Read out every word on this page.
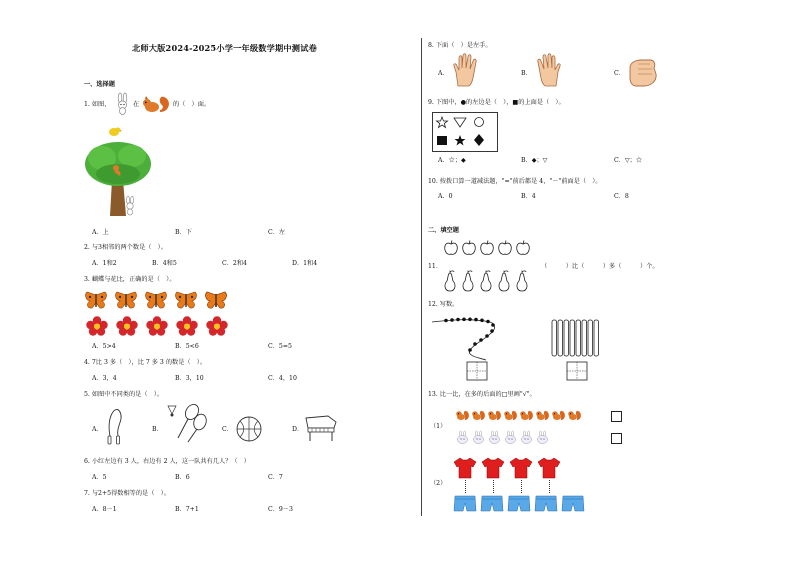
北师大版2024-2025小学一年级数学期中测试卷
一、选择题
1. 如图，	在	的（　）面。
A．上	B．下	C．左
2. 与3相邻的两个数是（　）。
A．1和2	B．4和5	C．2和4	D．1和4
3. 蝴蝶与花比，正确的是（　）。
A．5>4	B．5<6	C．5=5
4. 7比 3 多（　），比 7 多 3 的数是（　）。
A．3，4	B．3，10	C．4，10
5. 如图中不同类的是（　）。
A．	B．	C．	D．
6. 小红左边有 3 人，右边有 2 人，这一队共有几人？（　）
A．5	B．6	C．7
7. 与2+5得数相等的是（　）。
A．8－1	B．7+1	C．9－3
8. 下面（　）是左手。
A．	B．	C．
9. 下图中，●的左边是（　），■的上面是（　）。
A．☆；◆	B．◆；▽	C．▽；☆
10. 按拨口算一道减法题，"="前后都是 4，"－"前面是（　）。
A．0	B．4	C．8
二、填空题
11．	（　　　）比（　　　）多（　　　）个。
12. 写数。
13. 比一比，在多的后面的□里画"√"。
（1）
（2）
